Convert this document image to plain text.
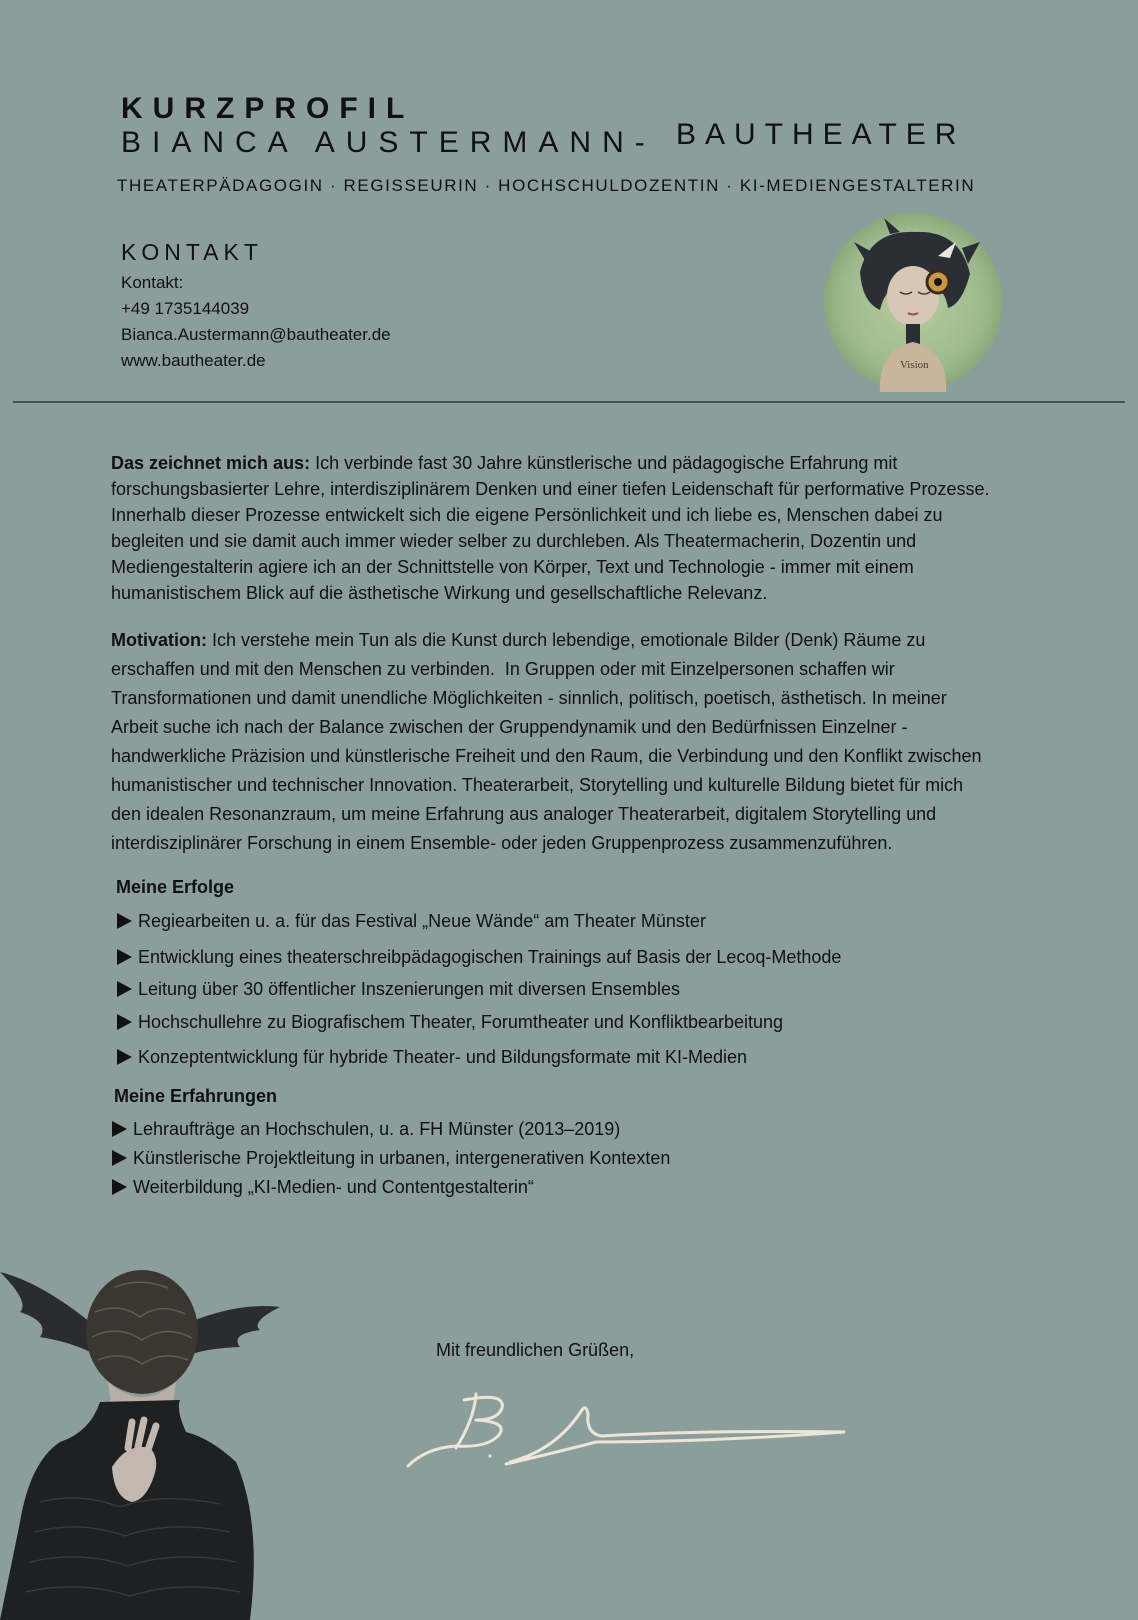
KURZPROFIL
BIANCA AUSTERMANN- BAUTHEATER
THEATERPÄDAGOGIN · REGISSEURIN · HOCHSCHULDOZENTIN · KI-MEDIENGESTALTERIN
KONTAKT
Kontakt:
+49 1735144039
Bianca.Austermann@bautheater.de
www.bautheater.de	Vision
Das zeichnet mich aus: Ich verbinde fast 30 Jahre künstlerische und pädagogische Erfahrung mit
forschungsbasierter Lehre, interdisziplinärem Denken und einer tiefen Leidenschaft für performative Prozesse.
Innerhalb dieser Prozesse entwickelt sich die eigene Persönlichkeit und ich liebe es, Menschen dabei zu
begleiten und sie damit auch immer wieder selber zu durchleben. Als Theatermacherin, Dozentin und
Mediengestalterin agiere ich an der Schnittstelle von Körper, Text und Technologie - immer mit einem
humanistischem Blick auf die ästhetische Wirkung und gesellschaftliche Relevanz.
Motivation: Ich verstehe mein Tun als die Kunst durch lebendige, emotionale Bilder (Denk) Räume zu
erschaffen und mit den Menschen zu verbinden.  In Gruppen oder mit Einzelpersonen schaffen wir
Transformationen und damit unendliche Möglichkeiten - sinnlich, politisch, poetisch, ästhetisch. In meiner
Arbeit suche ich nach der Balance zwischen der Gruppendynamik und den Bedürfnissen Einzelner -
handwerkliche Präzision und künstlerische Freiheit und den Raum, die Verbindung und den Konflikt zwischen
humanistischer und technischer Innovation. Theaterarbeit, Storytelling und kulturelle Bildung bietet für mich
den idealen Resonanzraum, um meine Erfahrung aus analoger Theaterarbeit, digitalem Storytelling und
interdisziplinärer Forschung in einem Ensemble- oder jeden Gruppenprozess zusammenzuführen.
Meine Erfolge
Regiearbeiten u. a. für das Festival „Neue Wände“ am Theater Münster
Entwicklung eines theaterschreibpädagogischen Trainings auf Basis der Lecoq-Methode
Leitung über 30 öffentlicher Inszenierungen mit diversen Ensembles
Hochschullehre zu Biografischem Theater, Forumtheater und Konfliktbearbeitung
Konzeptentwicklung für hybride Theater- und Bildungsformate mit KI-Medien
Meine Erfahrungen
Lehraufträge an Hochschulen, u. a. FH Münster (2013–2019)
Künstlerische Projektleitung in urbanen, intergenerativen Kontexten
Weiterbildung „KI-Medien- und Contentgestalterin“
Mit freundlichen Grüßen,
